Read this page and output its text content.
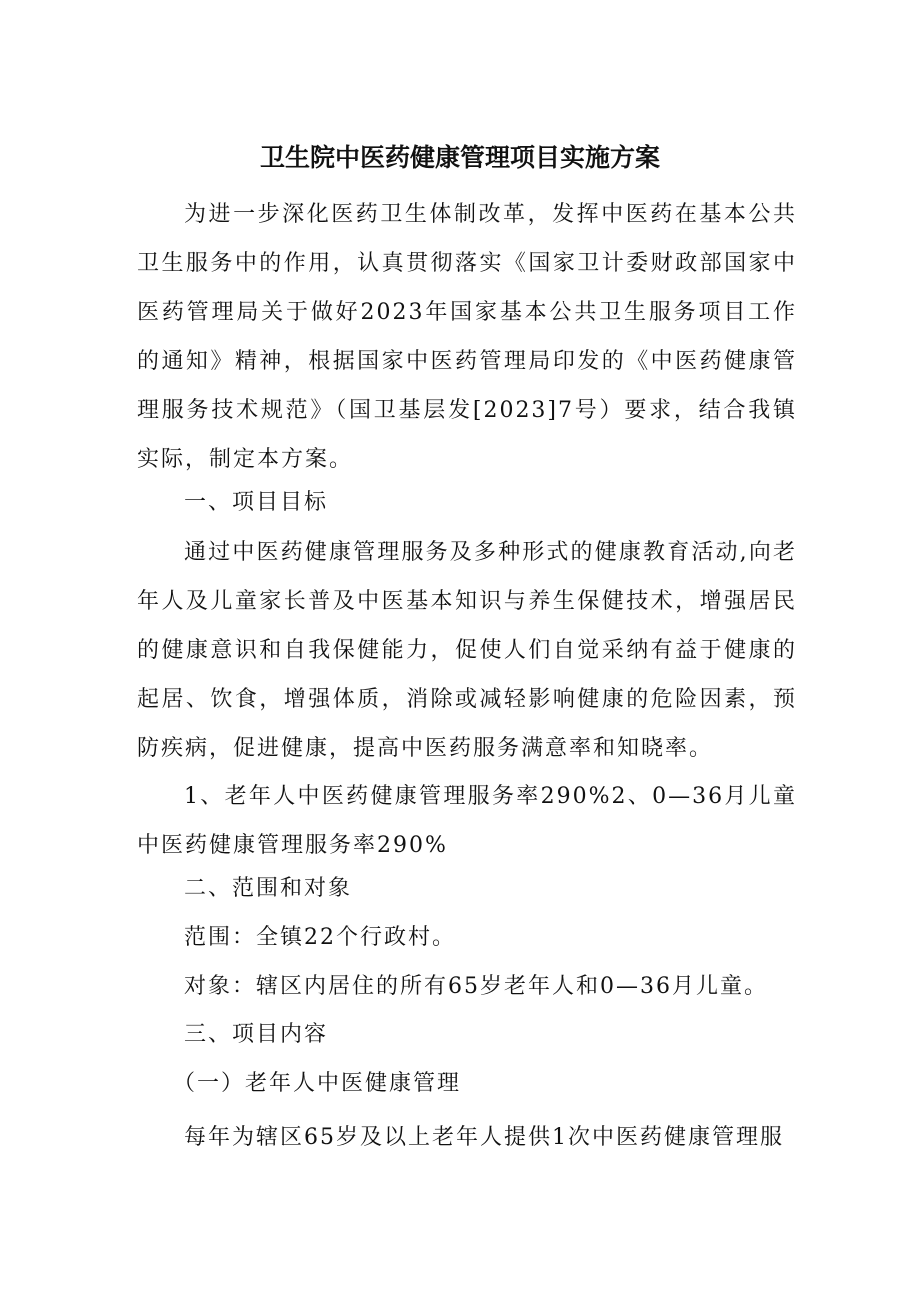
卫生院中医药健康管理项目实施方案

为进一步深化医药卫生体制改革，发挥中医药在基本公共卫生服务中的作用，认真贯彻落实《国家卫计委财政部国家中医药管理局关于做好2023年国家基本公共卫生服务项目工作的通知》精神，根据国家中医药管理局印发的《中医药健康管理服务技术规范》（国卫基层发[2023]7号）要求，结合我镇实际，制定本方案。

一、项目目标

通过中医药健康管理服务及多种形式的健康教育活动,向老年人及儿童家长普及中医基本知识与养生保健技术，增强居民的健康意识和自我保健能力，促使人们自觉采纳有益于健康的起居、饮食，增强体质，消除或减轻影响健康的危险因素，预防疾病，促进健康，提高中医药服务满意率和知晓率。

1、老年人中医药健康管理服务率290%2、0—36月儿童中医药健康管理服务率290%

二、范围和对象

范围：全镇22个行政村。

对象：辖区内居住的所有65岁老年人和0—36月儿童。

三、项目内容

（一）老年人中医健康管理

每年为辖区65岁及以上老年人提供1次中医药健康管理服
